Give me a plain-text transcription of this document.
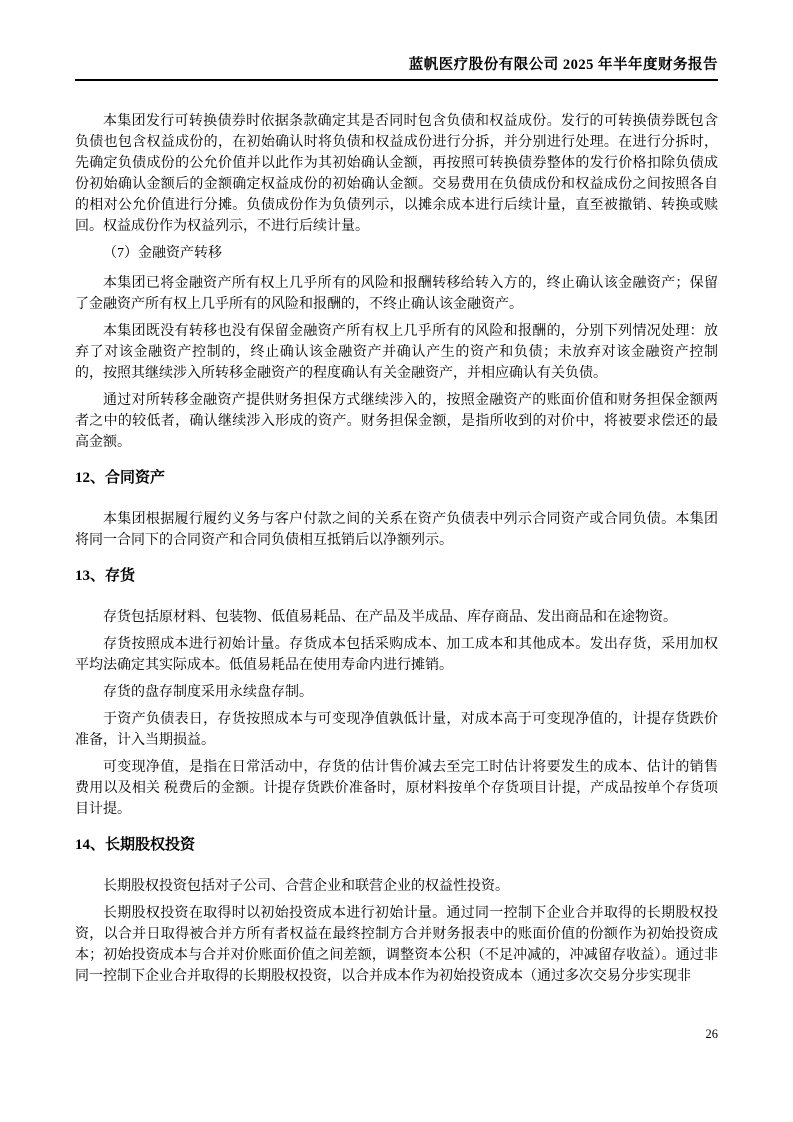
蓝帆医疗股份有限公司 2025 年半年度财务报告

本集团发行可转换债券时依据条款确定其是否同时包含负债和权益成份。发行的可转换债券既包含负债也包含权益成份的，在初始确认时将负债和权益成份进行分拆，并分别进行处理。在进行分拆时，先确定负债成份的公允价值并以此作为其初始确认金额，再按照可转换债券整体的发行价格扣除负债成份初始确认金额后的金额确定权益成份的初始确认金额。交易费用在负债成份和权益成份之间按照各自的相对公允价值进行分摊。负债成份作为负债列示，以摊余成本进行后续计量，直至被撤销、转换或赎回。权益成份作为权益列示，不进行后续计量。

（7）金融资产转移

本集团已将金融资产所有权上几乎所有的风险和报酬转移给转入方的，终止确认该金融资产；保留了金融资产所有权上几乎所有的风险和报酬的，不终止确认该金融资产。

本集团既没有转移也没有保留金融资产所有权上几乎所有的风险和报酬的，分别下列情况处理：放弃了对该金融资产控制的，终止确认该金融资产并确认产生的资产和负债；未放弃对该金融资产控制的，按照其继续涉入所转移金融资产的程度确认有关金融资产，并相应确认有关负债。

通过对所转移金融资产提供财务担保方式继续涉入的，按照金融资产的账面价值和财务担保金额两者之中的较低者，确认继续涉入形成的资产。财务担保金额，是指所收到的对价中，将被要求偿还的最高金额。

12、合同资产

本集团根据履行履约义务与客户付款之间的关系在资产负债表中列示合同资产或合同负债。本集团将同一合同下的合同资产和合同负债相互抵销后以净额列示。

13、存货

存货包括原材料、包装物、低值易耗品、在产品及半成品、库存商品、发出商品和在途物资。

存货按照成本进行初始计量。存货成本包括采购成本、加工成本和其他成本。发出存货，采用加权平均法确定其实际成本。低值易耗品在使用寿命内进行摊销。

存货的盘存制度采用永续盘存制。

于资产负债表日，存货按照成本与可变现净值孰低计量，对成本高于可变现净值的，计提存货跌价准备，计入当期损益。

可变现净值，是指在日常活动中，存货的估计售价减去至完工时估计将要发生的成本、估计的销售费用以及相关 税费后的金额。计提存货跌价准备时，原材料按单个存货项目计提，产成品按单个存货项目计提。

14、长期股权投资

长期股权投资包括对子公司、合营企业和联营企业的权益性投资。

长期股权投资在取得时以初始投资成本进行初始计量。通过同一控制下企业合并取得的长期股权投资，以合并日取得被合并方所有者权益在最终控制方合并财务报表中的账面价值的份额作为初始投资成本；初始投资成本与合并对价账面价值之间差额，调整资本公积（不足冲减的，冲减留存收益）。通过非同一控制下企业合并取得的长期股权投资，以合并成本作为初始投资成本（通过多次交易分步实现非

26
